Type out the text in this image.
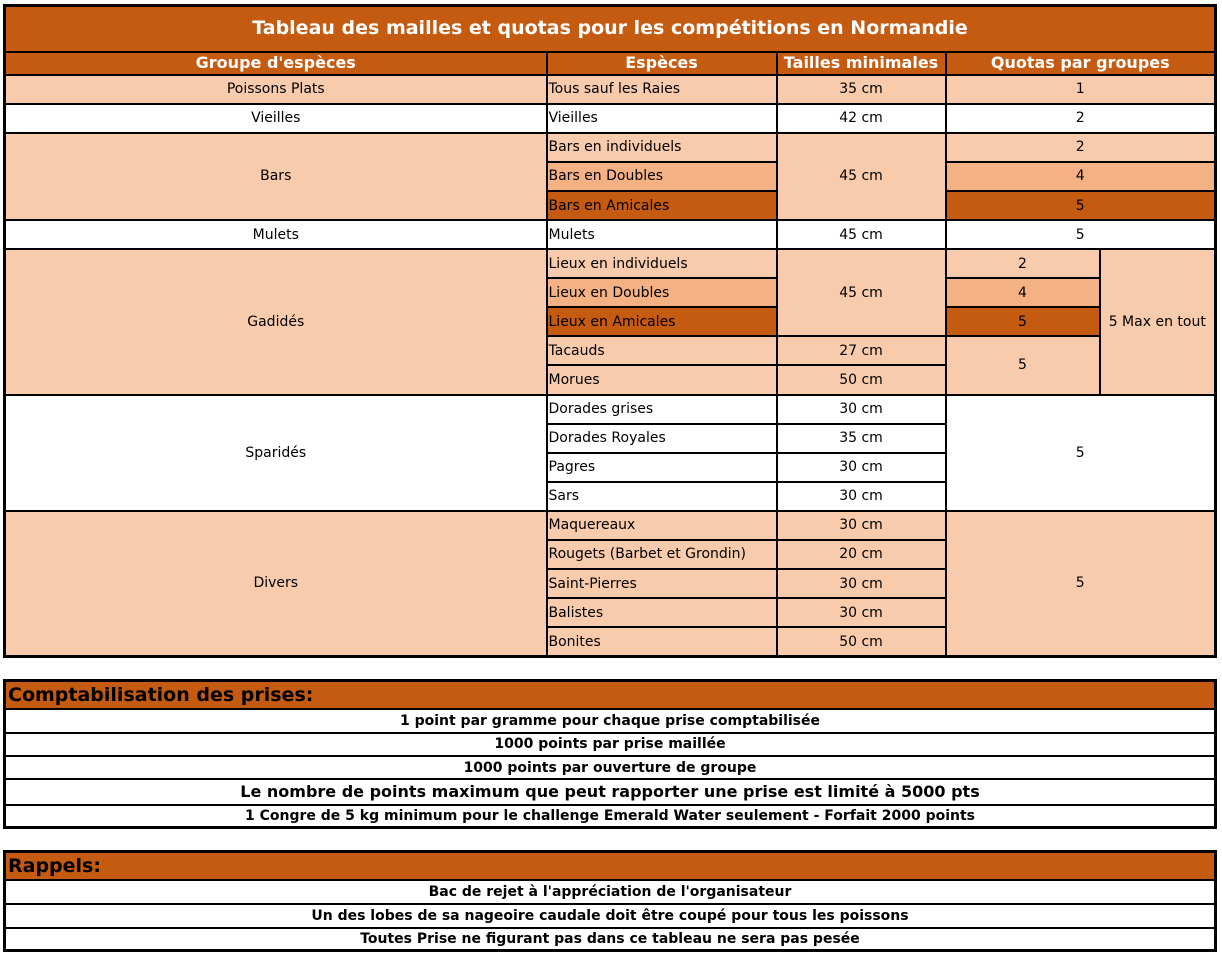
Tableau des mailles et quotas pour les compétitions en Normandie				
Groupe d'espèces	Espèces	Tailles minimales	Quotas par groupes	
Poissons Plats	Tous sauf les Raies	35 cm	1	
Vieilles	Vieilles	42 cm	2	
Bars	Bars en individuels	45 cm	2	
	Bars en Doubles		4	
	Bars en Amicales		5	
Mulets	Mulets	45 cm	5	
Gadidés	Lieux en individuels	45 cm	2	5 Max en tout
	Lieux en Doubles		4	
	Lieux en Amicales		5	
	Tacauds	27 cm	5	
	Morues	50 cm		
Sparidés	Dorades grises	30 cm	5	
	Dorades Royales	35 cm		
	Pagres	30 cm		
	Sars	30 cm		
Divers	Maquereaux	30 cm	5	
	Rougets (Barbet et Grondin)	20 cm		
	Saint-Pierres	30 cm		
	Balistes	30 cm		
	Bonites	50 cm		
Comptabilisation des prises:
1 point par gramme pour chaque prise comptabilisée
1000 points par prise maillée
1000 points par ouverture de groupe
Le nombre de points maximum que peut rapporter une prise est limité à 5000 pts
1 Congre de 5 kg minimum pour le challenge Emerald Water seulement - Forfait 2000 points
Rappels:
Bac de rejet à l'appréciation de l'organisateur
Un des lobes de sa nageoire caudale doit être coupé pour tous les poissons
Toutes Prise ne figurant pas dans ce tableau ne sera pas pesée
